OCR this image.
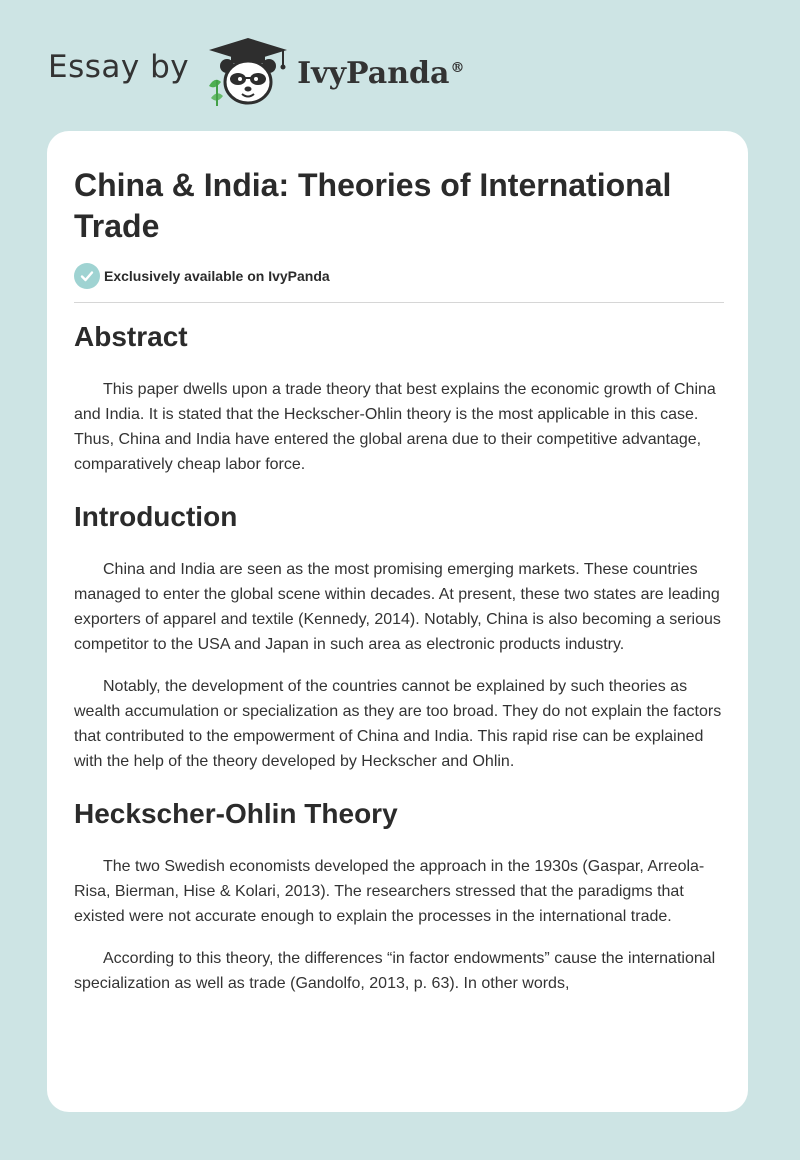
Essay by	IvyPanda®
China & India: Theories of International Trade
Exclusively available on IvyPanda
Abstract

This paper dwells upon a trade theory that best explains the economic growth of China and India. It is stated that the Heckscher-Ohlin theory is the most applicable in this case. Thus, China and India have entered the global arena due to their competitive advantage, comparatively cheap labor force.

Introduction

China and India are seen as the most promising emerging markets. These countries managed to enter the global scene within decades. At present, these two states are leading exporters of apparel and textile (Kennedy, 2014). Notably, China is also becoming a serious competitor to the USA and Japan in such area as electronic products industry.

Notably, the development of the countries cannot be explained by such theories as wealth accumulation or specialization as they are too broad. They do not explain the factors that contributed to the empowerment of China and India. This rapid rise can be explained with the help of the theory developed by Heckscher and Ohlin.

Heckscher-Ohlin Theory

The two Swedish economists developed the approach in the 1930s (Gaspar, Arreola-Risa, Bierman, Hise & Kolari, 2013). The researchers stressed that the paradigms that existed were not accurate enough to explain the processes in the international trade.

According to this theory, the differences “in factor endowments” cause the international specialization as well as trade (Gandolfo, 2013, p. 63). In other words,
